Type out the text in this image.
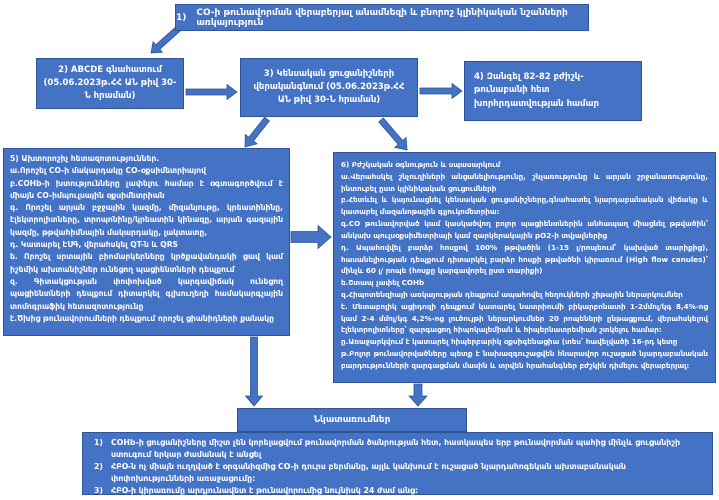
1) CO-ի թունավորման վերաբերյալ անամնեզի և բնորոշ կլինիկական նշանների առկայություն
2) ABCDE գնահատում (05.06.2023թ.ՀՀ ԱՆ թիվ 30-Ն հրաման)
3) Կենսական ցուցանիշների վերականգնում (05.06.2023թ.ՀՀ ԱՆ թիվ 30-Ն հրաման)
4) Զանգել 82-82 բժիշկ-թունաբանի հետ խորհրդատվության համար

5) Ախտորոշիչ հետազոտություններ.

ա.Որոշել CO-ի մակարդակը CO-օքսիմետրիայով

բ.COHb-ի խտությունները չափելու համար է օգտագործվում է միայն CO-իմպուլսային օքսիմետրիան

գ. Որոշել արյան բջջային կազմը, միզանյութը, կրեատինինը, էլեկտրոլիտները, տրոպոնինը/կրեատին կինազը, արյան գազային կազմը, թթվահիմնային մակարդակը, լակտատը,

դ. Կատարել ԷՍԳ, վերահսկել QT-ն և QRS

ե. Որոշել սրտային բիոմարկերները կրծքավանդակի ցավ կամ իշեմիկ ախտանիշներ ունեցող պացիենտների դեպքում

զ. Գիտակցության փոփոխված կարգավիճակ ունեցող պացիենտների դեպքում դիտարկել գլխուղեղի համակարգչային տոմոգրաֆիկ հետազոտությունը

է.Ծխից թունավորումների դեպքում որոշել ցիանիդների քանակը

6) Բժշկական օգնություն և սպասարկում

ա.Վերահսկել շնչուղիների անցանելիությունը, շնչառությունը և արյան շրջանառությունը, ինտուբել ըստ կլինիկական ցուցումների

բ.Հետևել և կայունացնել կենսական ցուցանիշները,գնահատել նյարդաբանական վիճակը և կատարել մազանոթային գլյուկոմետրիա:

գ.CO թունավորված կամ կասկածվող բոլոր պացիենտներին անհապաղ միացնել թթվածին՝ անկախ պուլսօքսիմետրիայի կամ զարկերակային pO2-ի տվյալներից

դ. Ապահովվել բարձր հոսքով 100% թթվածին (1-15 լ/րոպեում՝ կախված տարիքից), հասանելիության դեպքում դիտարկել բարձր հոսքի թթվածնի կիրառում (High flow canules)՝ մինչև 60 լ/ րոպե (հոսքը կարգավորել ըստ տարիքի)

ե.Շտապ չափել COHb

զ.Հիպոտենզիայի առկայության դեպքում ապահովել հեղուկների շիթային ներարկումներ

է. Մետաբոլիկ ացիդոզի դեպքում կատարել նատրիումի բիկարբոնատի 1-2մմոլ/կգ 8,4%-ոց կամ 2-4 մմոլ/կգ 4,2%-ոց լուծույթի ներարկումներ 20 րոպեների ընթացքում, վերահսկելով էլեկտրոլիտները՝ զարգացող հիպոկալեմիան և հիպերնատրեմիան շտկելու համար:

ը.Առաջարկվում է կատարել հիպերբարիկ օքսիգենացիա (տես՝ հավելվածի 16-րդ կետը

թ.Բոլոր թունավորվածները պետք է նախազգուշացվեն հնարավոր ուշացած նյարդաբանական բարդությունների զարգացման մասին և տրվեն հրահանգներ բժշկին դիմելու վերաբերյալ:

Նկատառումներ
1)	COHb-ի ցուցանիշները միշտ չեն կորելացվում թունավորման ծանրության հետ, հատկապես երբ թունավորման պահից մինչև ցուցանիշի ստուգում երկար ժամանակ է անցել
2)	ՀԲՕ-ն ոչ միայն ուղղված է օրգանիզմից CO-ի դուրս բերմանը, այլև կանխում է ուշացած նյարդահոգեկան ախտաբանական փոփոխությունների առաջացումը:
3)	ՀԲՕ-ի կիրառումը արդյունավետ է թունավորումից նույնիսկ 24 ժամ անց:
